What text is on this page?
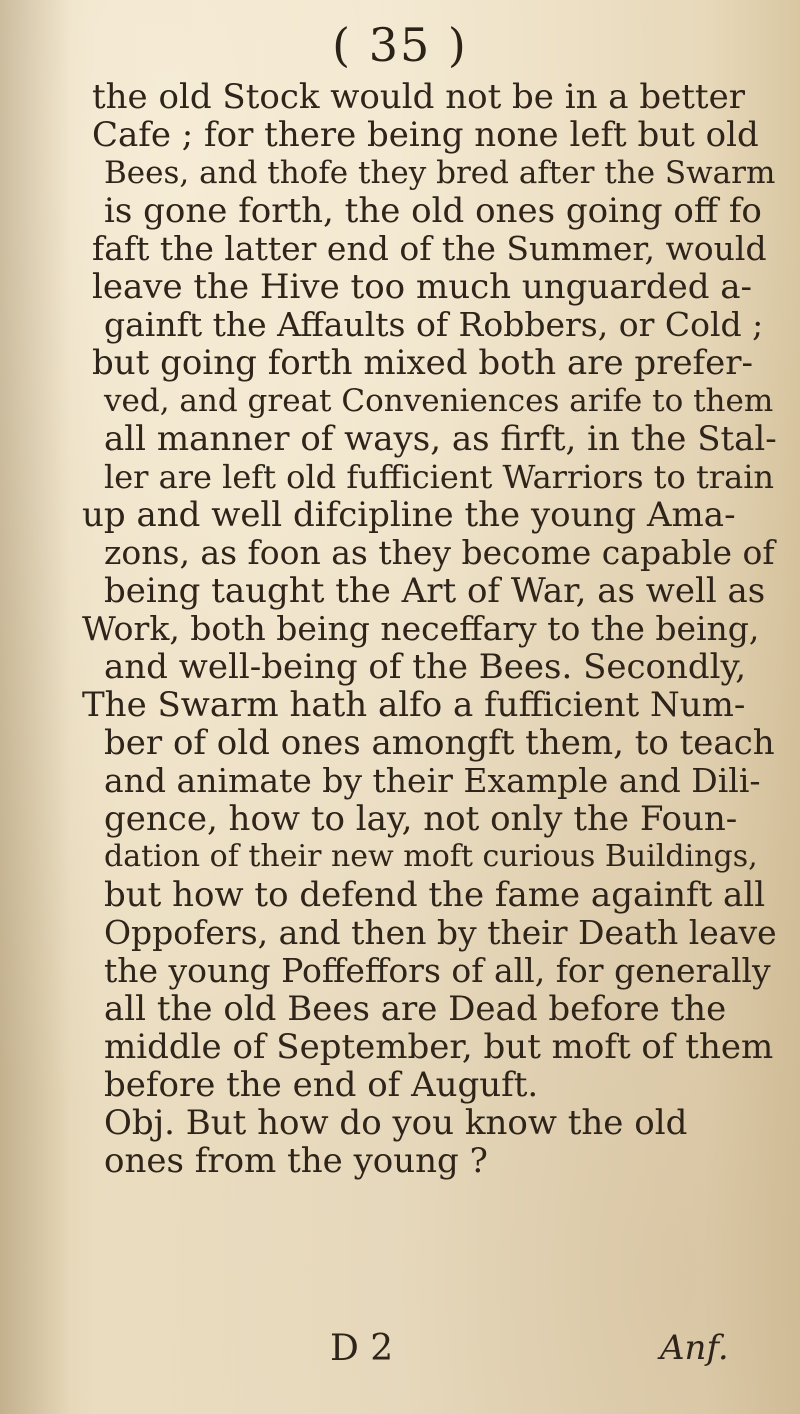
( 35 )
the old Stock would not be in a better
Cafe ; for there being none left but old
Bees, and thofe they bred after the Swarm
is gone forth, the old ones going off fo
faft the latter end of the Summer, would
leave the Hive too much unguarded a-
gainft the Affaults of Robbers, or Cold ;
but going forth mixed both are prefer-
ved, and great Conveniences arife to them
all manner of ways, as firft, in the Stal-
ler are left old fufficient Warriors to train
up and well difcipline the young Ama-
zons, as foon as they become capable of
being taught the Art of War, as well as
Work, both being neceffary to the being,
and well-being of the Bees. Secondly,
The Swarm hath alfo a fufficient Num-
ber of old ones amongft them, to teach
and animate by their Example and Dili-
gence, how to lay, not only the Foun-
dation of their new moft curious Buildings,
but how to defend the fame againft all
Oppofers, and then by their Death leave
the young Poffeffors of all, for generally
all the old Bees are Dead before the
middle of September, but moft of them
before the end of Auguft.
Obj. But how do you know the old
ones from the young ?
D 2	Anf.
